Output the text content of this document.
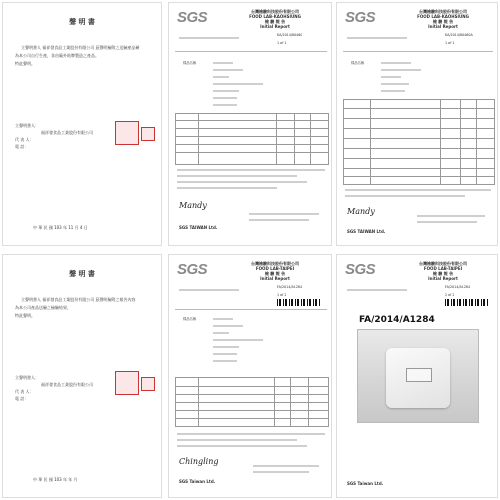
聲 明 書
立聲明書人 福祥發食品工業股份有限公司 茲聲明檢附之送驗產品確
為本公司自行生產，非由廠外貼牌製造之產品。
特此聲明。
立聲明書人：
福祥發食品工業股份有限公司
代 表 人：
電 話：
中 華 民 國 103 年 11 月 4 日
SGS	台灣檢驗科技股份有限公司
FOOD LAB-KAOHSIUNG
檢 驗 報 告
Initial Report
KA/2014/80460
1 of 1
樣品名稱
Mandy
SGS TAIWAN Ltd.
SGS	台灣檢驗科技股份有限公司
FOOD LAB-KAOHSIUNG
檢 驗 報 告
Initial Report
KA/2014/80460A
1 of 1
樣品名稱
Mandy
SGS TAIWAN Ltd.
聲 明 書
立聲明書人 福祥發食品工業股份有限公司 茲聲明檢附之報告內容
為本公司產品送驗之檢驗結果，
特此聲明。
立聲明書人：
福祥發食品工業股份有限公司
代 表 人：
電 話：
中 華 民 國 103 年 年 月
SGS	台灣檢驗科技股份有限公司
FOOD LAB-TAIPEI
檢 驗 報 告
Initial Report
FA/2014/A1284
1 of 2
樣品名稱
Chingling
SGS Taiwan Ltd.
SGS	台灣檢驗科技股份有限公司
FOOD LAB-TAIPEI
檢 驗 報 告
Initial Report
FA/2014/A1284
2 of 2
FA/2014/A1284
SGS Taiwan Ltd.
